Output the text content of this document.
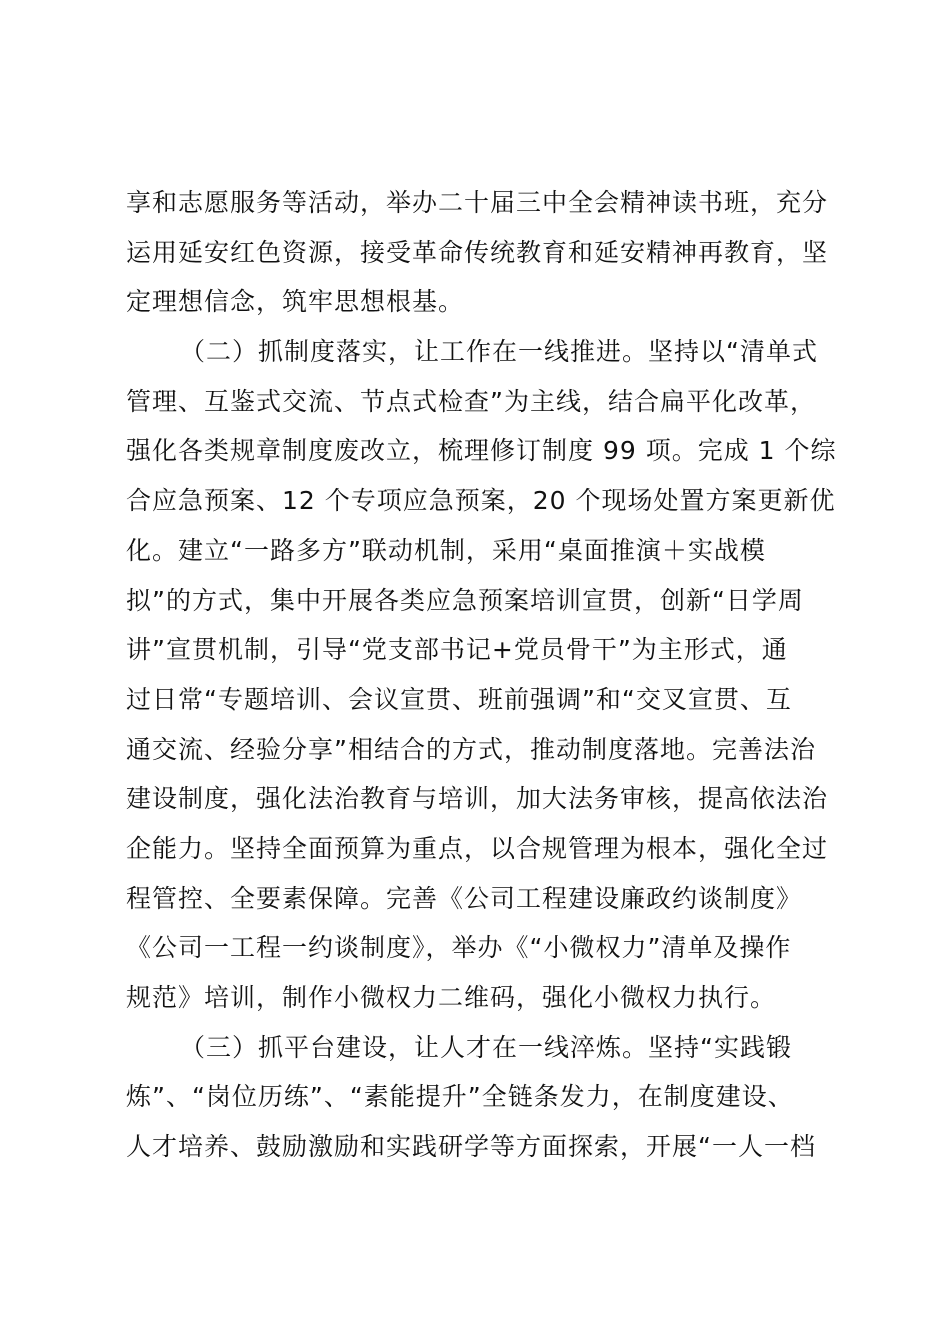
享和志愿服务等活动，举办二十届三中全会精神读书班，充分
运用延安红色资源，接受革命传统教育和延安精神再教育，坚
定理想信念，筑牢思想根基。
（二）抓制度落实，让工作在一线推进。坚持以“清单式
管理、互鉴式交流、节点式检查”为主线，结合扁平化改革，
强化各类规章制度废改立，梳理修订制度 99 项。完成 1 个综
合应急预案、12 个专项应急预案，20 个现场处置方案更新优
化。建立“一路多方”联动机制，采用“桌面推演＋实战模
拟”的方式，集中开展各类应急预案培训宣贯，创新“日学周
讲”宣贯机制，引导“党支部书记+党员骨干”为主形式，通
过日常“专题培训、会议宣贯、班前强调”和“交叉宣贯、互
通交流、经验分享”相结合的方式，推动制度落地。完善法治
建设制度，强化法治教育与培训，加大法务审核，提高依法治
企能力。坚持全面预算为重点，以合规管理为根本，强化全过
程管控、全要素保障。完善《公司工程建设廉政约谈制度》
《公司一工程一约谈制度》，举办《“小微权力”清单及操作
规范》培训，制作小微权力二维码，强化小微权力执行。
（三）抓平台建设，让人才在一线淬炼。坚持“实践锻
炼”、“岗位历练”、“素能提升”全链条发力，在制度建设、
人才培养、鼓励激励和实践研学等方面探索，开展“一人一档
